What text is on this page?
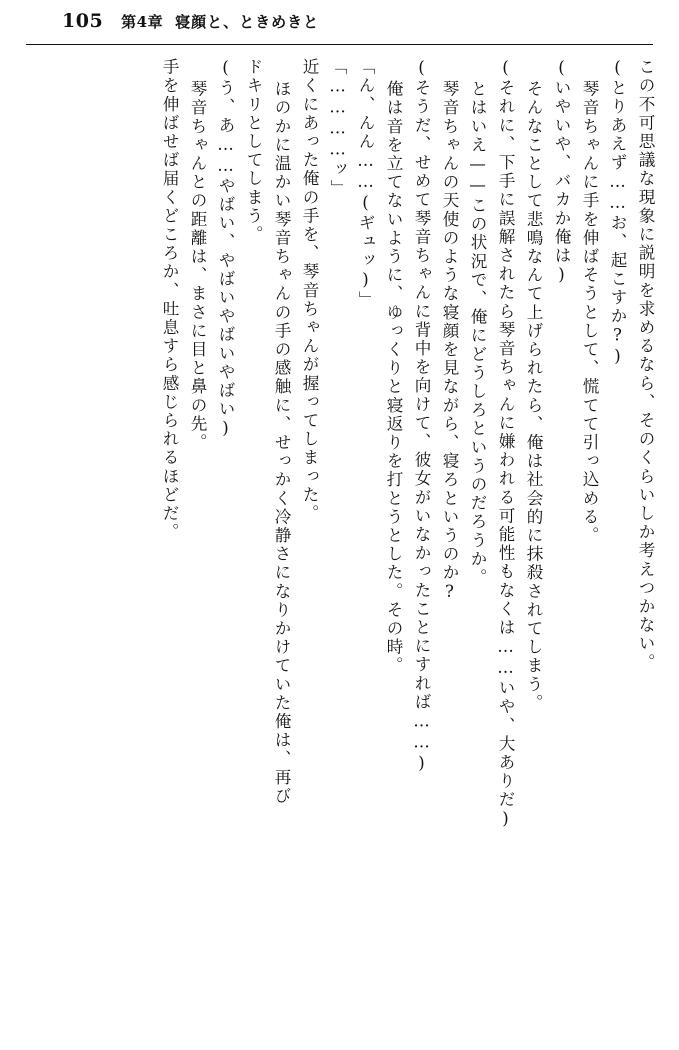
105 第4章 寝顔と、ときめきと
この不可思議な現象に説明を求めるなら、そのくらいしか考えつかない。
(とりあえず……お、起こすか?)
琴音ちゃんに手を伸ばそうとして、慌てて引っ込める。
(いやいや、バカか俺は)
そんなことして悲鳴なんて上げられたら、俺は社会的に抹殺されてしまう。
(それに、下手に誤解されたら琴音ちゃんに嫌われる可能性もなくは……いや、大ありだ)
とはいえ——この状況で、俺にどうしろというのだろうか。
琴音ちゃんの天使のような寝顔を見ながら、寝ろというのか?
(そうだ、せめて琴音ちゃんに背中を向けて、彼女がいなかったことにすれば……)
俺は音を立てないように、ゆっくりと寝返りを打とうとした。その時。
「ん、んん……(ギュッ)」
「…………ッ」
近くにあった俺の手を、琴音ちゃんが握ってしまった。
ほのかに温かい琴音ちゃんの手の感触に、せっかく冷静さになりかけていた俺は、再び
ドキリとしてしまう。
(う、あ……やばい、やばいやばいやばい)
琴音ちゃんとの距離は、まさに目と鼻の先。
手を伸ばせば届くどころか、吐息すら感じられるほどだ。
